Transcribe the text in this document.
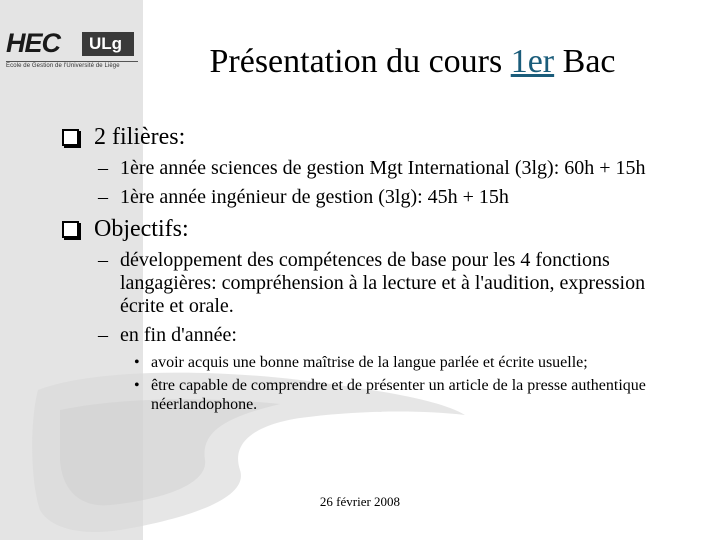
HEC	ULg
Ecole de Gestion de l'Université de Liège	Présentation du cours 1er Bac
2 filières:
– 1ère année sciences de gestion Mgt International (3lg): 60h + 15h
– 1ère année ingénieur de gestion (3lg): 45h + 15h
Objectifs:
– développement des compétences de base pour les 4 fonctions langagières: compréhension à la lecture et à l'audition, expression écrite et orale.
– en fin d'année:
• avoir acquis une bonne maîtrise de la langue parlée et écrite usuelle;
• être capable de comprendre et de présenter un article de la presse authentique néerlandophone.
26 février 2008
